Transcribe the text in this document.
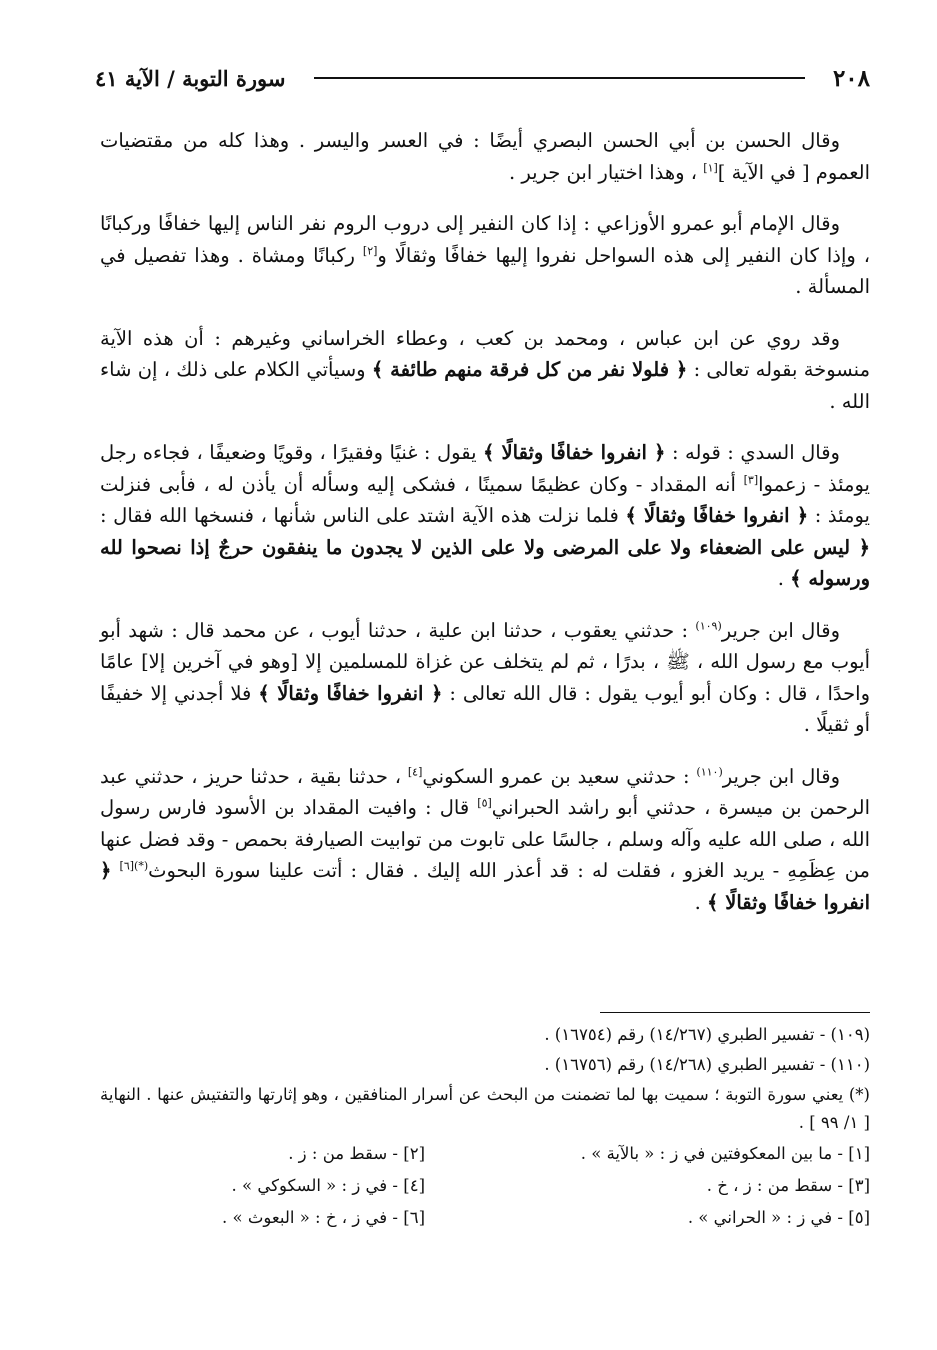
٢٠٨
سورة التوبة / الآية ٤١

وقال الحسن بن أبي الحسن البصري أيضًا : في العسر واليسر . وهذا كله من مقتضيات العموم [ في الآية ][١] ، وهذا اختيار ابن جرير .

وقال الإمام أبو عمرو الأوزاعي : إذا كان النفير إلى دروب الروم نفر الناس إليها خفافًا وركبانًا ، وإذا كان النفير إلى هذه السواحل نفروا إليها خفافًا وثقالًا و[٢] ركبانًا ومشاة . وهذا تفصيل في المسألة .

وقد روي عن ابن عباس ، ومحمد بن كعب ، وعطاء الخراساني وغيرهم : أن هذه الآية منسوخة بقوله تعالى : ﴿ فلولا نفر من كل فرقة منهم طائفة ﴾ وسيأتي الكلام على ذلك ، إن شاء الله .

وقال السدي : قوله : ﴿ انفروا خفافًا وثقالًا ﴾ يقول : غنيًا وفقيرًا ، وقويًا وضعيفًا ، فجاءه رجل يومئذ - زعموا[٣] أنه المقداد - وكان عظيمًا سمينًا ، فشكى إليه وسأله أن يأذن له ، فأبى فنزلت يومئذ : ﴿ انفروا خفافًا وثقالًا ﴾ فلما نزلت هذه الآية اشتد على الناس شأنها ، فنسخها الله فقال : ﴿ ليس على الضعفاء ولا على المرضى ولا على الذين لا يجدون ما ينفقون حرجٌ إذا نصحوا لله ورسوله ﴾ .

وقال ابن جرير$^{(١٠٩)}$ : حدثني يعقوب ، حدثنا ابن علية ، حدثنا أيوب ، عن محمد قال : شهد أبو أيوب مع رسول الله ، ﷺ ، بدرًا ، ثم لم يتخلف عن غزاة للمسلمين إلا [وهو في آخرين إلا] عامًا واحدًا ، قال : وكان أبو أيوب يقول : قال الله تعالى : ﴿ انفروا خفافًا وثقالًا ﴾ فلا أجدني إلا خفيفًا أو ثقيلًا .

وقال ابن جرير$^{(١١٠)}$ : حدثني سعيد بن عمرو السكوني[٤] ، حدثنا بقية ، حدثنا حريز ، حدثني عبد الرحمن بن ميسرة ، حدثني أبو راشد الحبراني[٥] قال : وافيت المقداد بن الأسود فارس رسول الله ، صلى الله عليه وآله وسلم ، جالسًا على تابوت من توابيت الصيارفة بحمص - وقد فضل عنها من عِظَمِهِ - يريد الغزو ، فقلت له : قد أعذر الله إليك . فقال : أتت علينا سورة البحوث$^{(*)[٦]}$ ﴿ انفروا خفافًا وثقالًا ﴾ .

(١٠٩) - تفسير الطبري (١٤/٢٦٧) رقم (١٦٧٥٤) .

(١١٠) - تفسير الطبري (١٤/٢٦٨) رقم (١٦٧٥٦) .

(*) يعني سورة التوبة ؛ سميت بها لما تضمنت من البحث عن أسرار المنافقين ، وهو إثارتها والتفتيش عنها . النهاية [ ١/ ٩٩ ] .

[١] - ما بين المعكوفتين في ز : « بالآية » .
[٢] - سقط من : ز .
[٣] - سقط من : ز ، خ .
[٤] - في ز : « السكوكي » .
[٥] - في ز : « الحراني » .
[٦] - في ز ، خ : « البعوث » .
